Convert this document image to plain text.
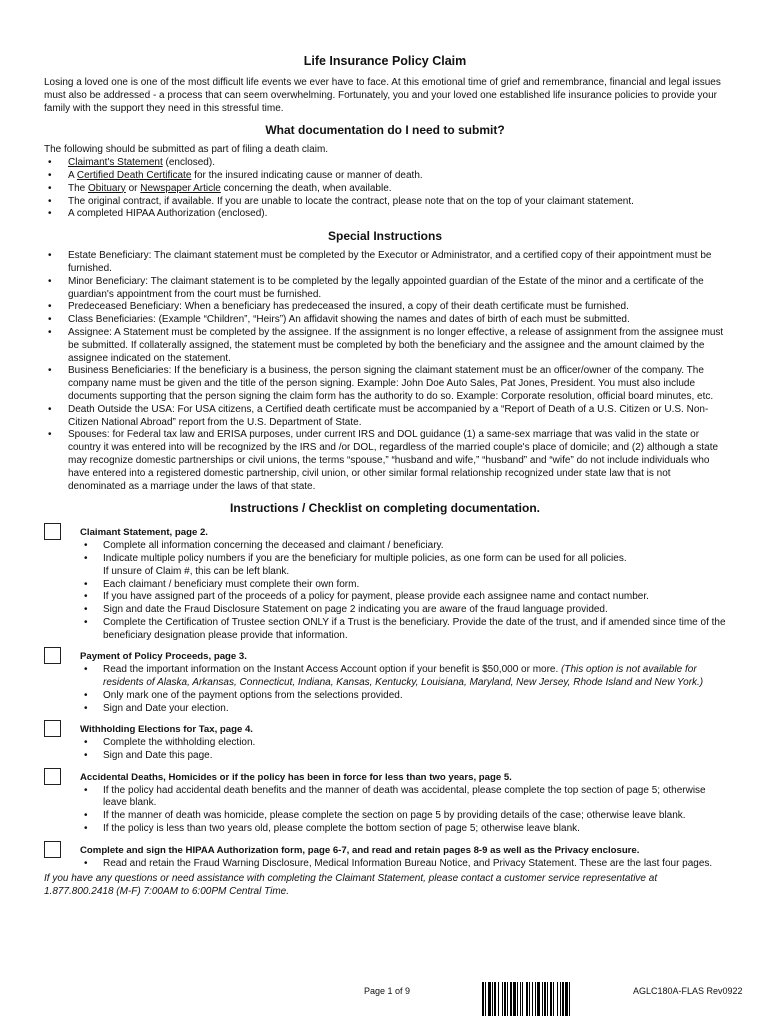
Life Insurance Policy Claim

Losing a loved one is one of the most difficult life events we ever have to face. At this emotional time of grief and remembrance, financial and legal issues must also be addressed - a process that can seem overwhelming. Fortunately, you and your loved one established life insurance policies to provide your family with the support they need in this stressful time.

What documentation do I need to submit?

The following should be submitted as part of filing a death claim.

• Claimant's Statement (enclosed).
• A Certified Death Certificate for the insured indicating cause or manner of death.
• The Obituary or Newspaper Article concerning the death, when available.
• The original contract, if available. If you are unable to locate the contract, please note that on the top of your claimant statement.
• A completed HIPAA Authorization (enclosed).
Special Instructions
• Estate Beneficiary: The claimant statement must be completed by the Executor or Administrator, and a certified copy of their appointment must be furnished.
• Minor Beneficiary: The claimant statement is to be completed by the legally appointed guardian of the Estate of the minor and a certificate of the guardian's appointment from the court must be furnished.
• Predeceased Beneficiary: When a beneficiary has predeceased the insured, a copy of their death certificate must be furnished.
• Class Beneficiaries: (Example “Children”, “Heirs”) An affidavit showing the names and dates of birth of each must be submitted.
• Assignee: A Statement must be completed by the assignee. If the assignment is no longer effective, a release of assignment from the assignee must be submitted. If collaterally assigned, the statement must be completed by both the beneficiary and the assignee and the amount claimed by the assignee indicated on the statement.
• Business Beneficiaries: If the beneficiary is a business, the person signing the claimant statement must be an officer/owner of the company. The company name must be given and the title of the person signing. Example: John Doe Auto Sales, Pat Jones, President. You must also include documents supporting that the person signing the claim form has the authority to do so. Example: Corporate resolution, official board minutes, etc.
• Death Outside the USA: For USA citizens, a Certified death certificate must be accompanied by a “Report of Death of a U.S. Citizen or U.S. Non-Citizen National Abroad” report from the U.S. Department of State.
• Spouses: for Federal tax law and ERISA purposes, under current IRS and DOL guidance (1) a same-sex marriage that was valid in the state or country it was entered into will be recognized by the IRS and /or DOL, regardless of the married couple's place of domicile; and (2) although a state may recognize domestic partnerships or civil unions, the terms “spouse,” “husband and wife,” “husband” and “wife” do not include individuals who have entered into a registered domestic partnership, civil union, or other similar formal relationship recognized under state law that is not denominated as a marriage under the laws of that state.
Instructions / Checklist on completing documentation.
Claimant Statement, page 2.
• Complete all information concerning the deceased and claimant / beneficiary.
• Indicate multiple policy numbers if you are the beneficiary for multiple policies, as one form can be used for all policies.
If unsure of Claim #, this can be left blank.
• Each claimant / beneficiary must complete their own form.
• If you have assigned part of the proceeds of a policy for payment, please provide each assignee name and contact number.
• Sign and date the Fraud Disclosure Statement on page 2 indicating you are aware of the fraud language provided.
• Complete the Certification of Trustee section ONLY if a Trust is the beneficiary. Provide the date of the trust, and if amended since time of the beneficiary designation please provide that information.
Payment of Policy Proceeds, page 3.
• Read the important information on the Instant Access Account option if your benefit is $50,000 or more. (This option is not available for residents of Alaska, Arkansas, Connecticut, Indiana, Kansas, Kentucky, Louisiana, Maryland, New Jersey, Rhode Island and New York.)
• Only mark one of the payment options from the selections provided.
• Sign and Date your election.
Withholding Elections for Tax, page 4.
• Complete the withholding election.
• Sign and Date this page.
Accidental Deaths, Homicides or if the policy has been in force for less than two years, page 5.
• If the policy had accidental death benefits and the manner of death was accidental, please complete the top section of page 5; otherwise leave blank.
• If the manner of death was homicide, please complete the section on page 5 by providing details of the case; otherwise leave blank.
• If the policy is less than two years old, please complete the bottom section of page 5; otherwise leave blank.
Complete and sign the HIPAA Authorization form, page 6-7, and read and retain pages 8-9 as well as the Privacy enclosure.
• Read and retain the Fraud Warning Disclosure, Medical Information Bureau Notice, and Privacy Statement. These are the last four pages.

If you have any questions or need assistance with completing the Claimant Statement, please contact a customer service representative at 1.877.800.2418 (M-F) 7:00AM to 6:00PM Central Time.

Page 1 of 9	AGLC180A-FLAS Rev0922
